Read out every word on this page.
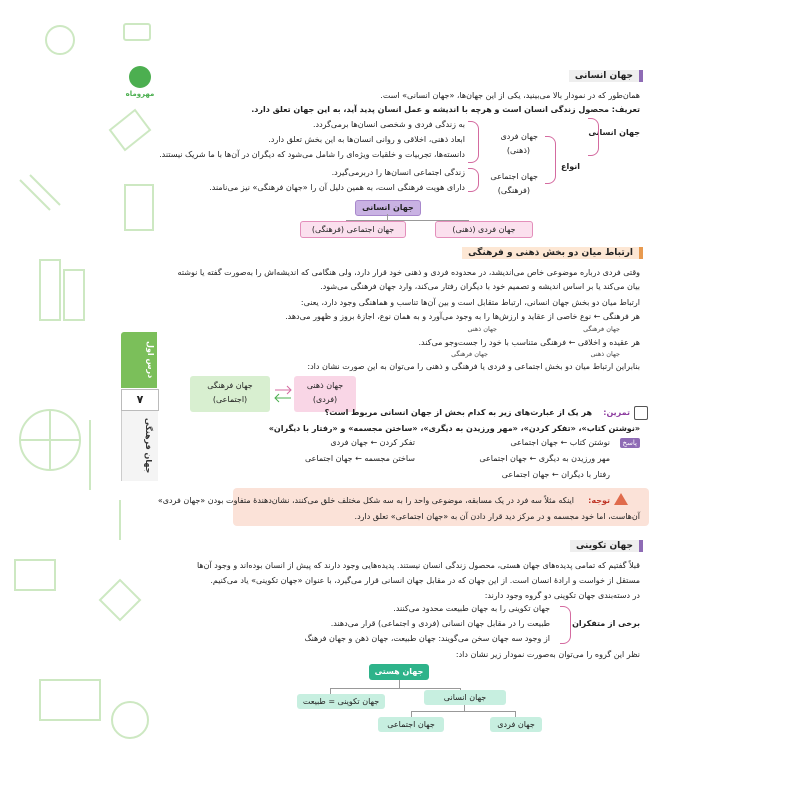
مهروماه
درس اول
۷
جهان فرهنگی
جهان انسانی
همان‌طور که در نمودار بالا می‌بینید، یکی از این جهان‌ها، «جهان انسانی» است.
تعریف: محصول زندگی انسان است و هرچه با اندیشه و عمل انسان پدید آید، به این جهان تعلق دارد.
جهان انسانی
انواع
جهان فردی
(ذهنی)
به زندگی فردی و شخصی انسان‌ها برمی‌گردد.
ابعاد ذهنی، اخلاقی و روانی انسان‌ها به این بخش تعلق دارد.
دانسته‌ها، تجربیات و خلقیات ویژه‌ای را شامل می‌شود که دیگران در آن‌ها با ما شریک نیستند.
جهان اجتماعی
(فرهنگی)
زندگی اجتماعی انسان‌ها را دربرمی‌گیرد.
دارای هویت فرهنگی است، به همین دلیل آن را «جهان فرهنگی» نیز می‌نامند.
جهان انسانی
جهان فردی (ذهنی)
جهان اجتماعی (فرهنگی)
ارتباط میان دو بخش ذهنی و فرهنگی
وقتی فردی درباره موضوعی خاص می‌اندیشد، در محدوده فردی و ذهنی خود قرار دارد، ولی هنگامی که اندیشه‌اش را به‌صورت گفته یا نوشته
بیان می‌کند یا بر اساس اندیشه و تصمیم خود با دیگران رفتار می‌کند، وارد جهان فرهنگی می‌شود.
ارتباط میان دو بخش جهان انسانی، ارتباط متقابل است و بین آن‌ها تناسب و هماهنگی وجود دارد، یعنی:
هر فرهنگی ← نوع خاصی از عقاید و ارزش‌ها را به وجود می‌آورد و به همان نوع، اجازهٔ بروز و ظهور می‌دهد.
جهان فرهنگی
جهان ذهنی
هر عقیده و اخلاقی ← فرهنگی متناسب با خود را جست‌وجو می‌کند.
جهان ذهنی
جهان فرهنگی
بنابراین ارتباط میان دو بخش اجتماعی و فردی یا فرهنگی و ذهنی را می‌توان به این صورت نشان داد:
جهان فرهنگی
(اجتماعی)
جهان ذهنی
(فردی)
تمرین:
هر یک از عبارت‌های زیر به کدام بخش از جهان انسانی مربوط است؟
«نوشتن کتاب»، «تفکر کردن»، «مهر ورزیدن به دیگری»، «ساختن مجسمه» و «رفتار با دیگران»
پاسخ
نوشتن کتاب ← جهان اجتماعی
مهر ورزیدن به دیگری ← جهان اجتماعی
رفتار با دیگران ← جهان اجتماعی
تفکر کردن ← جهان فردی
ساختن مجسمه ← جهان اجتماعی
توجه:
اینکه مثلاً سه فرد در یک مسابقه، موضوعی واحد را به سه شکل مختلف خلق می‌کنند، نشان‌دهندهٔ متفاوت بودن «جهان فردی»
آن‌هاست، اما خود مجسمه و در مرکز دید قرار دادن آن به «جهان اجتماعی» تعلق دارد.
جهان تکوینی
قبلاً گفتیم که تمامی پدیده‌های جهان هستی، محصول زندگی انسان نیستند. پدیده‌هایی وجود دارند که پیش از انسان بوده‌اند و وجود آن‌ها
مستقل از خواست و ارادهٔ انسان است. از این جهان که در مقابل جهان انسانی قرار می‌گیرد، با عنوان «جهان تکوینی» یاد می‌کنیم.
در دسته‌بندی جهان تکوینی دو گروه وجود دارند:
برخی از متفکران
جهان تکوینی را به جهان طبیعت محدود می‌کنند.
طبیعت را در مقابل جهان انسانی (فردی و اجتماعی) قرار می‌دهند.
از وجود سه جهان سخن می‌گویند: جهان طبیعت، جهان ذهن و جهان فرهنگ
نظر این گروه را می‌توان به‌صورت نمودار زیر نشان داد:
جهان هستی
جهان تکوینی = طبیعت	جهان انسانی
جهان اجتماعی	جهان فردی
